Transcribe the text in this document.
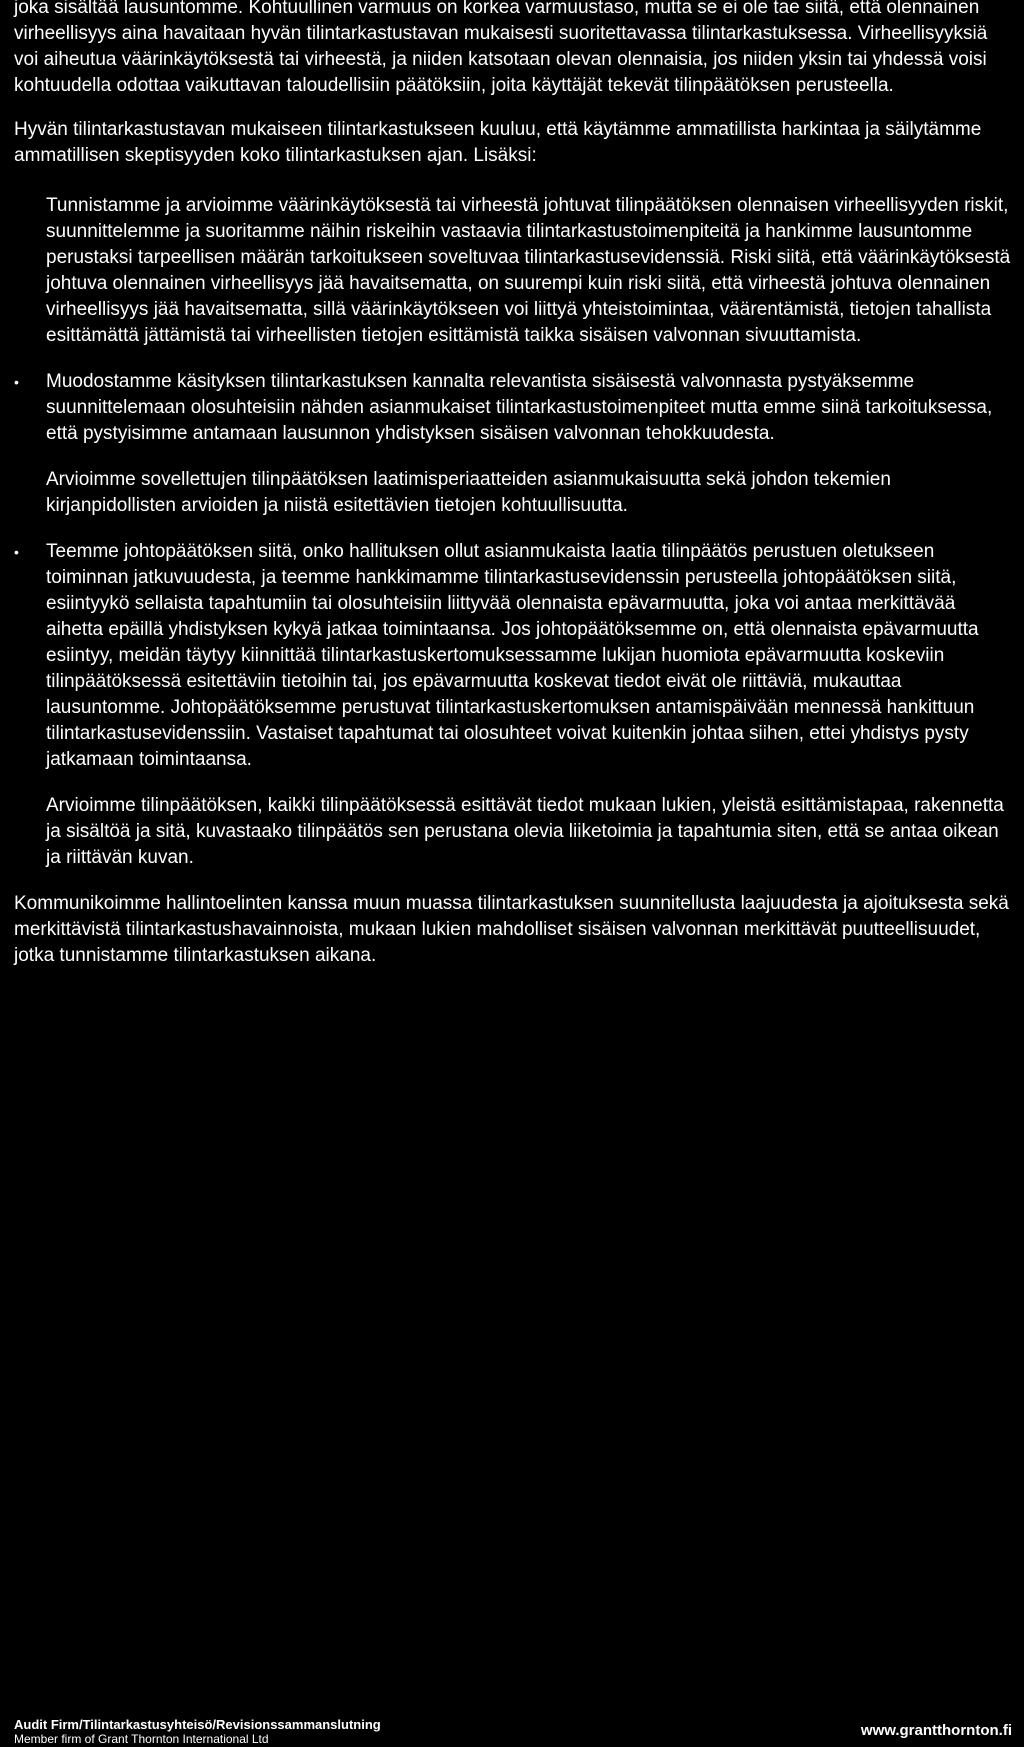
joka sisältää lausuntomme. Kohtuullinen varmuus on korkea varmuustaso, mutta se ei ole tae siitä, että olennainen virheellisyys aina havaitaan hyvän tilintarkastustavan mukaisesti suoritettavassa tilintarkastuksessa. Virheellisyyksiä voi aiheutua väärinkäytöksestä tai virheestä, ja niiden katsotaan olevan olennaisia, jos niiden yksin tai yhdessä voisi kohtuudella odottaa vaikuttavan taloudellisiin päätöksiin, joita käyttäjät tekevät tilinpäätöksen perusteella.

Hyvän tilintarkastustavan mukaiseen tilintarkastukseen kuuluu, että käytämme ammatillista harkintaa ja säilytämme ammatillisen skeptisyyden koko tilintarkastuksen ajan. Lisäksi:

Tunnistamme ja arvioimme väärinkäytöksestä tai virheestä johtuvat tilinpäätöksen olennaisen virheellisyyden riskit, suunnittelemme ja suoritamme näihin riskeihin vastaavia tilintarkastustoimenpiteitä ja hankimme lausuntomme perustaksi tarpeellisen määrän tarkoitukseen soveltuvaa tilintarkastusevidenssiä. Riski siitä, että väärinkäytöksestä johtuva olennainen virheellisyys jää havaitsematta, on suurempi kuin riski siitä, että virheestä johtuva olennainen virheellisyys jää havaitsematta, sillä väärinkäytökseen voi liittyä yhteistoimintaa, väärentämistä, tietojen tahallista esittämättä jättämistä tai virheellisten tietojen esittämistä taikka sisäisen valvonnan sivuuttamista.

•	Muodostamme käsityksen tilintarkastuksen kannalta relevantista sisäisestä valvonnasta pystyäksemme suunnittelemaan olosuhteisiin nähden asianmukaiset tilintarkastustoimenpiteet mutta emme siinä tarkoituksessa, että pystyisimme antamaan lausunnon yhdistyksen sisäisen valvonnan tehokkuudesta.

Arvioimme sovellettujen tilinpäätöksen laatimisperiaatteiden asianmukaisuutta sekä johdon tekemien kirjanpidollisten arvioiden ja niistä esitettävien tietojen kohtuullisuutta.

•	Teemme johtopäätöksen siitä, onko hallituksen ollut asianmukaista laatia tilinpäätös perustuen oletukseen toiminnan jatkuvuudesta, ja teemme hankkimamme tilintarkastusevidenssin perusteella johtopäätöksen siitä, esiintyykö sellaista tapahtumiin tai olosuhteisiin liittyvää olennaista epävarmuutta, joka voi antaa merkittävää aihetta epäillä yhdistyksen kykyä jatkaa toimintaansa. Jos johtopäätöksemme on, että olennaista epävarmuutta esiintyy, meidän täytyy kiinnittää tilintarkastuskertomuksessamme lukijan huomiota epävarmuutta koskeviin tilinpäätöksessä esitettäviin tietoihin tai, jos epävarmuutta koskevat tiedot eivät ole riittäviä, mukauttaa lausuntomme. Johtopäätöksemme perustuvat tilintarkastuskertomuksen antamispäivään mennessä hankittuun tilintarkastusevidenssiin. Vastaiset tapahtumat tai olosuhteet voivat kuitenkin johtaa siihen, ettei yhdistys pysty jatkamaan toimintaansa.

Arvioimme tilinpäätöksen, kaikki tilinpäätöksessä esittävät tiedot mukaan lukien, yleistä esittämistapaa, rakennetta ja sisältöä ja sitä, kuvastaako tilinpäätös sen perustana olevia liiketoimia ja tapahtumia siten, että se antaa oikean ja riittävän kuvan.

Kommunikoimme hallintoelinten kanssa muun muassa tilintarkastuksen suunnitellusta laajuudesta ja ajoituksesta sekä merkittävistä tilintarkastushavainnoista, mukaan lukien mahdolliset sisäisen valvonnan merkittävät puutteellisuudet, jotka tunnistamme tilintarkastuksen aikana.

Audit Firm/Tilintarkastusyhteisö/Revisionssammanslutning
Member firm of Grant Thornton International Ltd	www.grantthornton.fi
